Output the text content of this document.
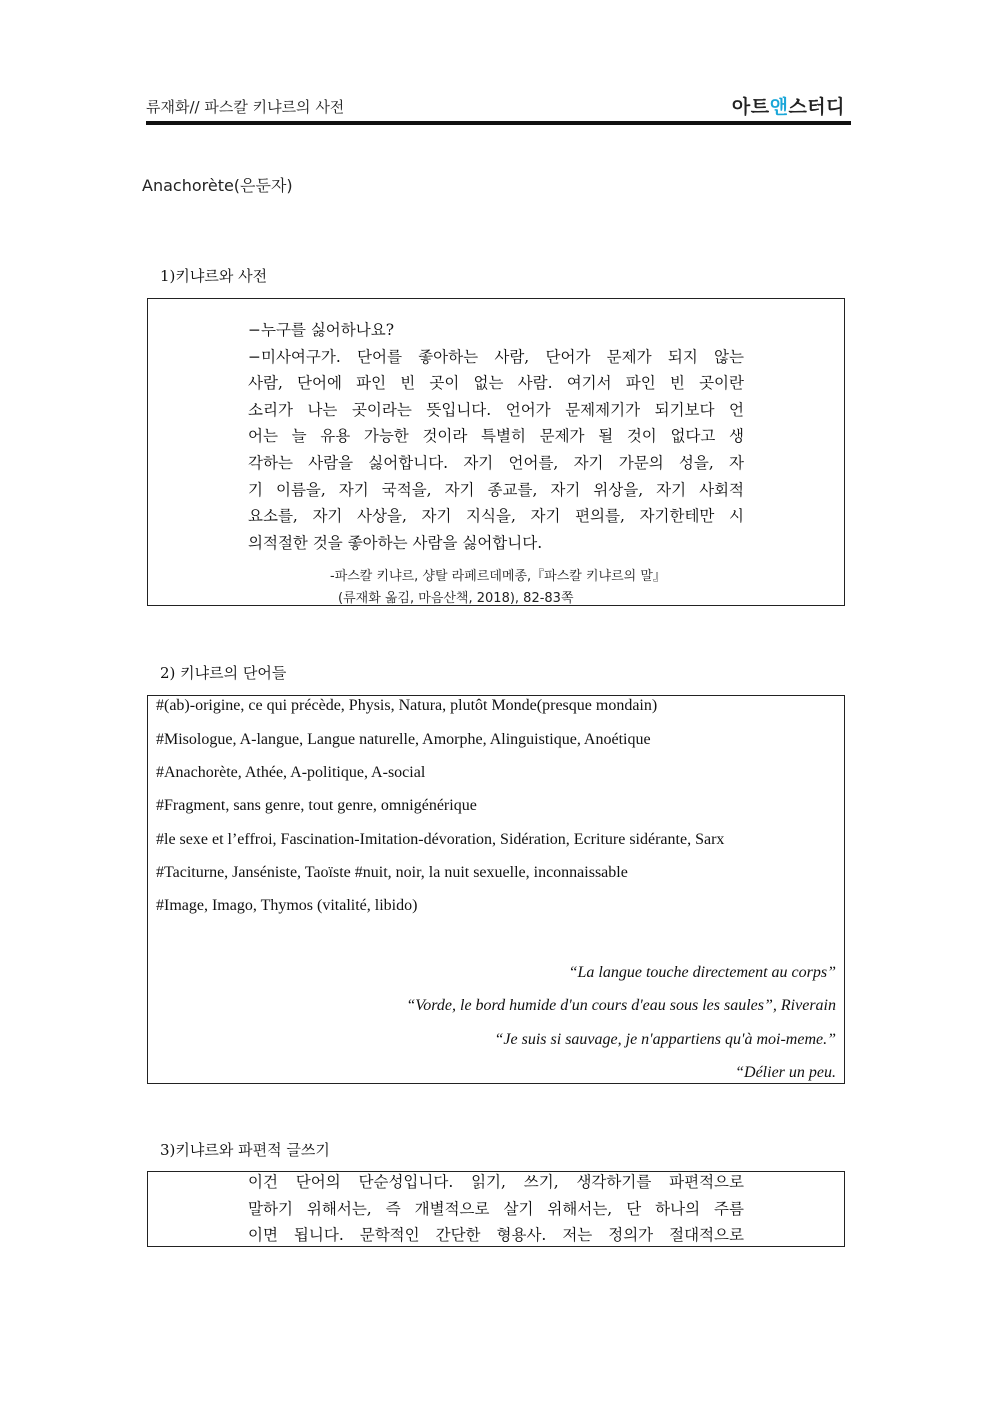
류재화// 파스칼 키냐르의 사전	아트앤스터디
Anachorète(은둔자)
1)키냐르와 사전
−누구를 싫어하나요?
−미사여구가. 단어를 좋아하는 사람, 단어가 문제가 되지 않는
사람, 단어에 파인 빈 곳이 없는 사람. 여기서 파인 빈 곳이란
소리가 나는 곳이라는 뜻입니다. 언어가 문제제기가 되기보다 언
어는 늘 유용 가능한 것이라 특별히 문제가 될 것이 없다고 생
각하는 사람을 싫어합니다. 자기 언어를, 자기 가문의 성을, 자
기 이름을, 자기 국적을, 자기 종교를, 자기 위상을, 자기 사회적
요소를, 자기 사상을, 자기 지식을, 자기 편의를, 자기한테만 시
의적절한 것을 좋아하는 사람을 싫어합니다.
-파스칼 키냐르, 샹탈 라페르데메종,『파스칼 키냐르의 말』
(류재화 옮김, 마음산책, 2018), 82-83쪽
2) 키냐르의 단어들
#(ab)-origine, ce qui précède, Physis, Natura, plutôt Monde(presque mondain)
#Misologue, A-langue, Langue naturelle, Amorphe, Alinguistique, Anoétique
#Anachorète, Athée, A-politique, A-social
#Fragment, sans genre, tout genre, omnigénérique
#le sexe et l’effroi, Fascination-Imitation-dévoration, Sidération, Ecriture sidérante, Sarx
#Taciturne, Janséniste, Taoïste #nuit, noir, la nuit sexuelle, inconnaissable
#Image, Imago, Thymos (vitalité, libido)
“La langue touche directement au corps”
“Vorde, le bord humide d'un cours d'eau sous les saules”, Riverain
“Je suis si sauvage, je n'appartiens qu'à moi-meme.”
“Délier un peu.
3)키냐르와 파편적 글쓰기
이건 단어의 단순성입니다. 읽기, 쓰기, 생각하기를 파편적으로
말하기 위해서는, 즉 개별적으로 살기 위해서는, 단 하나의 주름
이면 됩니다. 문학적인 간단한 형용사. 저는 정의가 절대적으로
